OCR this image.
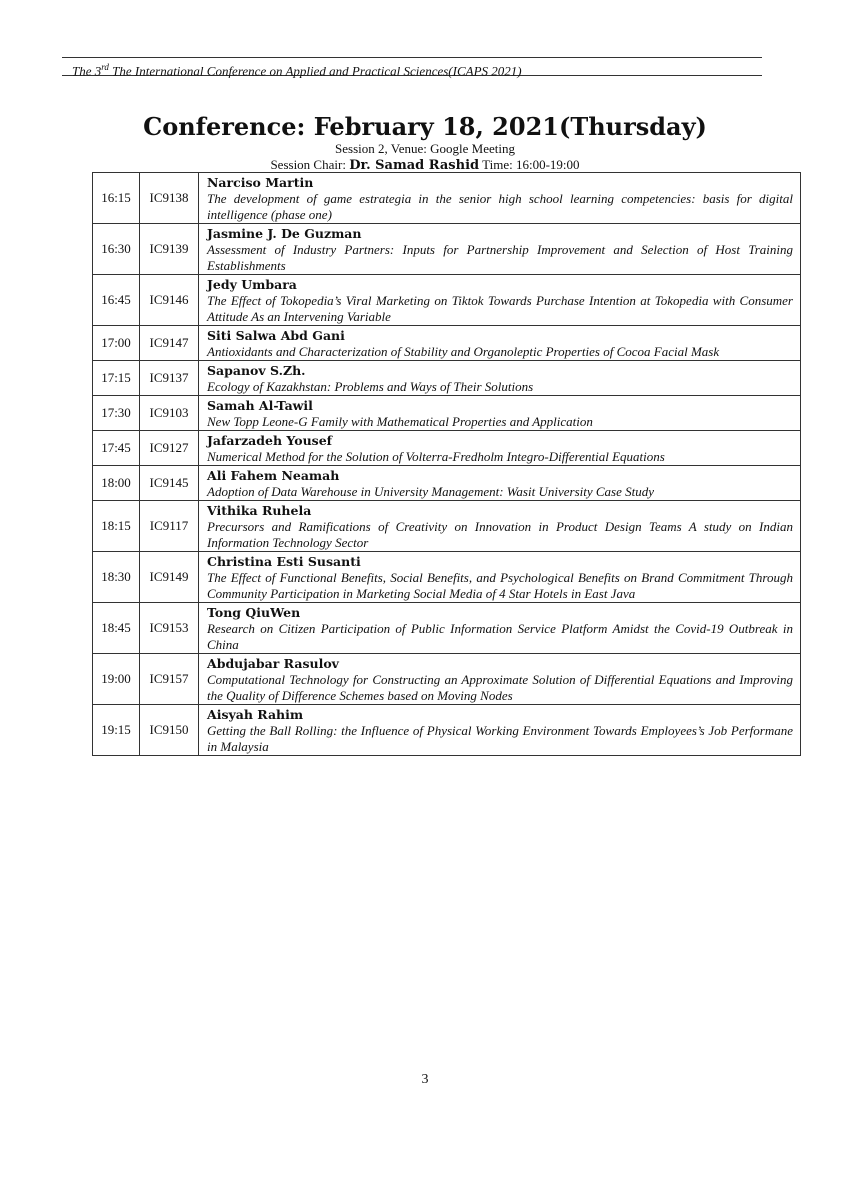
The 3rd The International Conference on Applied and Practical Sciences(ICAPS 2021)
Conference: February 18, 2021(Thursday)
Session 2, Venue: Google Meeting
Session Chair: Dr. Samad Rashid Time: 16:00-19:00
16:15	IC9138	Narciso Martin
The development of game estrategia in the senior high school learning competencies: basis for digital intelligence (phase one)

16:30	IC9139	Jasmine J. De Guzman
Assessment of Industry Partners: Inputs for Partnership Improvement and Selection of Host Training Establishments

16:45	IC9146	Jedy Umbara
The Effect of Tokopedia’s Viral Marketing on Tiktok Towards Purchase Intention at Tokopedia with Consumer Attitude As an Intervening Variable

17:00	IC9147	Siti Salwa Abd Gani
Antioxidants and Characterization of Stability and Organoleptic Properties of Cocoa Facial Mask

17:15	IC9137	Sapanov S.Zh.
Ecology of Kazakhstan: Problems and Ways of Their Solutions

17:30	IC9103	Samah Al-Tawil
New Topp Leone-G Family with Mathematical Properties and Application

17:45	IC9127	Jafarzadeh Yousef
Numerical Method for the Solution of Volterra-Fredholm Integro-Differential Equations

18:00	IC9145	Ali Fahem Neamah
Adoption of Data Warehouse in University Management: Wasit University Case Study

18:15	IC9117	Vithika Ruhela
Precursors and Ramifications of Creativity on Innovation in Product Design Teams A study on Indian Information Technology Sector

18:30	IC9149	Christina Esti Susanti
The Effect of Functional Benefits, Social Benefits, and Psychological Benefits on Brand Commitment Through Community Participation in Marketing Social Media of 4 Star Hotels in East Java

18:45	IC9153	Tong QiuWen
Research on Citizen Participation of Public Information Service Platform Amidst the Covid-19 Outbreak in China

19:00	IC9157	Abdujabar Rasulov
Computational Technology for Constructing an Approximate Solution of Differential Equations and Improving the Quality of Difference Schemes based on Moving Nodes

19:15	IC9150	Aisyah Rahim
Getting the Ball Rolling: the Influence of Physical Working Environment Towards Employees’s Job Performane in Malaysia
3
